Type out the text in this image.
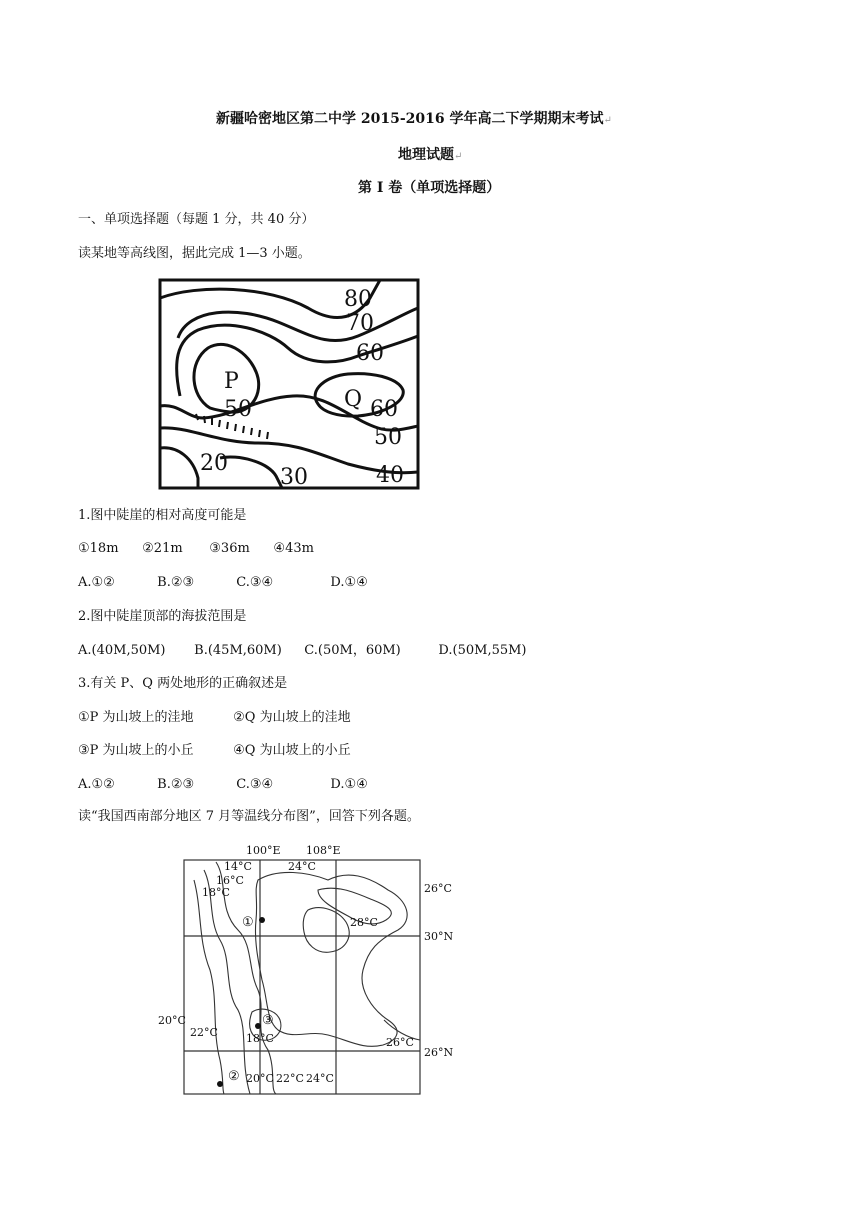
新疆哈密地区第二中学 2015-2016 学年高二下学期期末考试↵
地理试题↵
第 I 卷（单项选择题）
一、单项选择题（每题 1 分，共 40 分）
读某地等高线图，据此完成 1—3 小题。
P
Q
80
70
60
50	60
50
40
30
20
1.图中陡崖的相对高度可能是
①18m ②21m ③36m ④43m
A.①②	B.②③	C.③④	D.①④
2.图中陡崖顶部的海拔范围是
A.(40M,50M) B.(45M,60M) C.(50M，60M)	D.(50M,55M)
3.有关 P、Q 两处地形的正确叙述是
①P 为山坡上的洼地	②Q 为山坡上的洼地
③P 为山坡上的小丘	④Q 为山坡上的小丘
A.①②	B.②③	C.③④	D.①④
读“我国西南部分地区 7 月等温线分布图”，回答下列各题。
100°E 108°E
30°N
26°N
14°C
16°C
18°C
24°C
26°C
28°C
20°C
22°C	18°C	26°C
20°C 22°C 24°C
①
②
③
